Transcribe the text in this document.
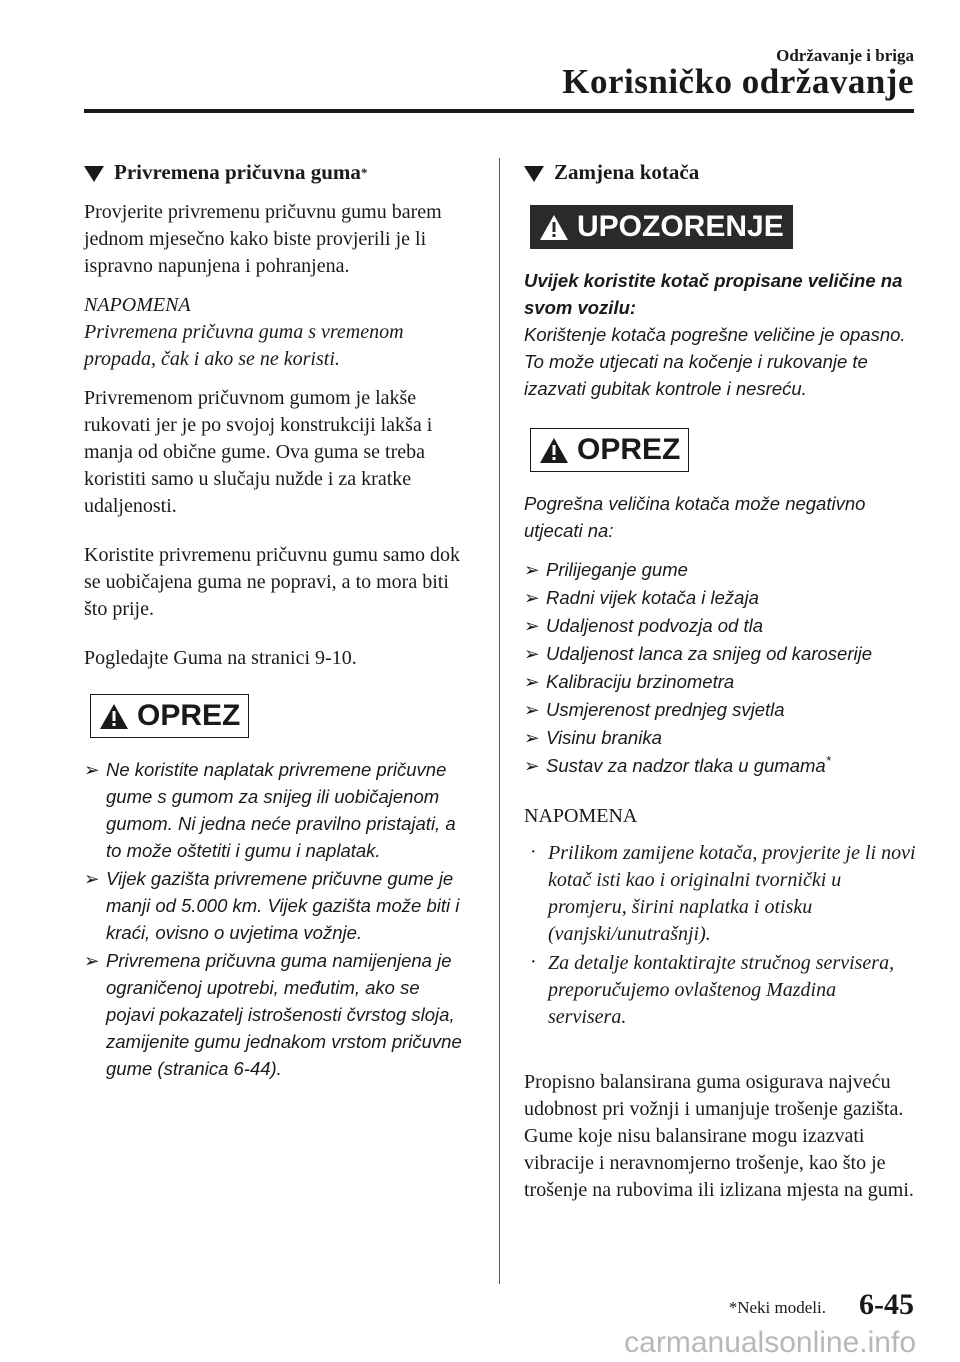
Održavanje i briga
Korisničko održavanje
Privremena pričuvna guma *

Provjerite privremenu pričuvnu gumu barem jednom mjesečno kako biste provjerili je li ispravno napunjena i pohranjena.

NAPOMENA

Privremena pričuvna guma s vremenom propada, čak i ako se ne koristi.

Privremenom pričuvnom gumom je lakše rukovati jer je po svojoj konstrukciji lakša i manja od obične gume. Ova guma se treba koristiti samo u slučaju nužde i za kratke udaljenosti.

Koristite privremenu pričuvnu gumu samo dok se uobičajena guma ne popravi, a to mora biti što prije.

Pogledajte Guma na stranici 9-10.

OPREZ
➢ Ne koristite naplatak privremene pričuvne gume s gumom za snijeg ili uobičajenom gumom. Ni jedna neće pravilno pristajati, a to može oštetiti i gumu i naplatak.
➢ Vijek gazišta privremene pričuvne gume je manji od 5.000 km. Vijek gazišta može biti i kraći, ovisno o uvjetima vožnje.
➢ Privremena pričuvna guma namijenjena je ograničenoj upotrebi, međutim, ako se pojavi pokazatelj istrošenosti čvrstog sloja, zamijenite gumu jednakom vrstom pričuvne gume (stranica 6-44).
Zamjena kotača
UPOZORENJE
Uvijek koristite kotač propisane veličine na svom vozilu:

Korištenje kotača pogrešne veličine je opasno. To može utjecati na kočenje i rukovanje te izazvati gubitak kontrole i nesreću.

OPREZ

Pogrešna veličina kotača može negativno utjecati na:

➢ Prilijeganje gume
➢ Radni vijek kotača i ležaja
➢ Udaljenost podvozja od tla
➢ Udaljenost lanca za snijeg od karoserije
➢ Kalibraciju brzinometra
➢ Usmjerenost prednjeg svjetla
➢ Visinu branika
➢ Sustav za nadzor tlaka u gumama*
NAPOMENA
· Prilikom zamijene kotača, provjerite je li novi kotač isti kao i originalni tvornički u promjeru, širini naplatka i otisku (vanjski/unutrašnji).
· Za detalje kontaktirajte stručnog servisera, preporučujemo ovlaštenog Mazdina servisera.

Propisno balansirana guma osigurava najveću udobnost pri vožnji i umanjuje trošenje gazišta. Gume koje nisu balansirane mogu izazvati vibracije i neravnomjerno trošenje, kao što je trošenje na rubovima ili izlizana mjesta na gumi.

*Neki modeli. 6-45
carmanualsonline.info
